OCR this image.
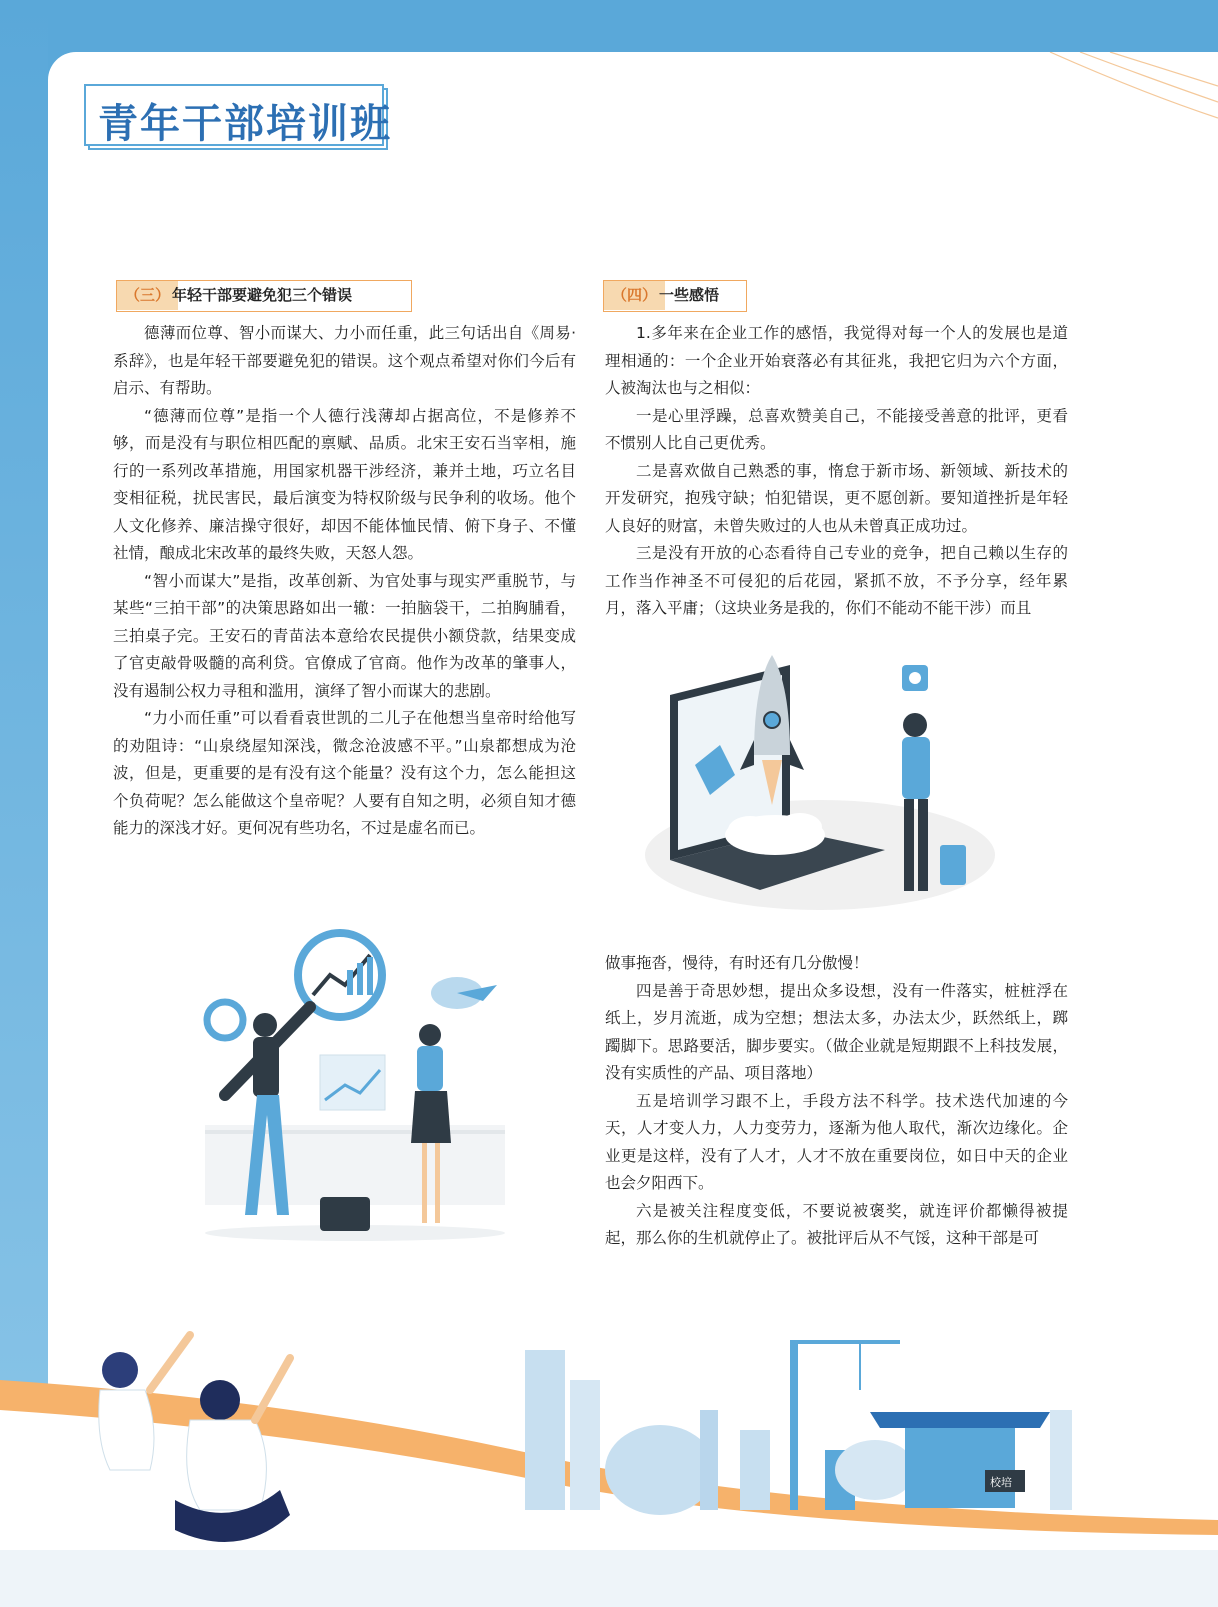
青年干部培训班
（三） 年轻干部要避免犯三个错误	（四） 一些感悟

德薄而位尊、智小而谋大、力小而任重，此三句话出自《周易·系辞》，也是年轻干部要避免犯的错误。这个观点希望对你们今后有启示、有帮助。

“德薄而位尊”是指一个人德行浅薄却占据高位，不是修养不够，而是没有与职位相匹配的禀赋、品质。北宋王安石当宰相，施行的一系列改革措施，用国家机器干涉经济，兼并土地，巧立名目变相征税，扰民害民，最后演变为特权阶级与民争利的收场。他个人文化修养、廉洁操守很好，却因不能体恤民情、俯下身子、不懂社情，酿成北宋改革的最终失败，天怒人怨。

“智小而谋大”是指，改革创新、为官处事与现实严重脱节，与某些“三拍干部”的决策思路如出一辙：一拍脑袋干，二拍胸脯看，三拍桌子完。王安石的青苗法本意给农民提供小额贷款，结果变成了官吏敲骨吸髓的高利贷。官僚成了官商。他作为改革的肇事人，没有遏制公权力寻租和滥用，演绎了智小而谋大的悲剧。

“力小而任重”可以看看袁世凯的二儿子在他想当皇帝时给他写的劝阻诗：“山泉绕屋知深浅，微念沧波感不平。”山泉都想成为沧波，但是，更重要的是有没有这个能量？没有这个力，怎么能担这个负荷呢？怎么能做这个皇帝呢？人要有自知之明，必须自知才德能力的深浅才好。更何况有些功名，不过是虚名而已。

1.多年来在企业工作的感悟，我觉得对每一个人的发展也是道理相通的：一个企业开始衰落必有其征兆，我把它归为六个方面，人被淘汰也与之相似：

一是心里浮躁，总喜欢赞美自己，不能接受善意的批评，更看不惯别人比自己更优秀。

二是喜欢做自己熟悉的事，惰怠于新市场、新领域、新技术的开发研究，抱残守缺；怕犯错误，更不愿创新。要知道挫折是年轻人良好的财富，未曾失败过的人也从未曾真正成功过。

三是没有开放的心态看待自己专业的竞争，把自己赖以生存的工作当作神圣不可侵犯的后花园，紧抓不放，不予分享，经年累月，落入平庸；（这块业务是我的，你们不能动不能干涉）而且

做事拖沓，慢待，有时还有几分傲慢！

四是善于奇思妙想，提出众多设想，没有一件落实，桩桩浮在纸上，岁月流逝，成为空想；想法太多，办法太少，跃然纸上，踯躅脚下。思路要活，脚步要实。（做企业就是短期跟不上科技发展，没有实质性的产品、项目落地）

五是培训学习跟不上，手段方法不科学。技术迭代加速的今天，人才变人力，人力变劳力，逐渐为他人取代，渐次边缘化。企业更是这样，没有了人才，人才不放在重要岗位，如日中天的企业也会夕阳西下。

六是被关注程度变低，不要说被褒奖，就连评价都懒得被提起，那么你的生机就停止了。被批评后从不气馁，这种干部是可

校培
